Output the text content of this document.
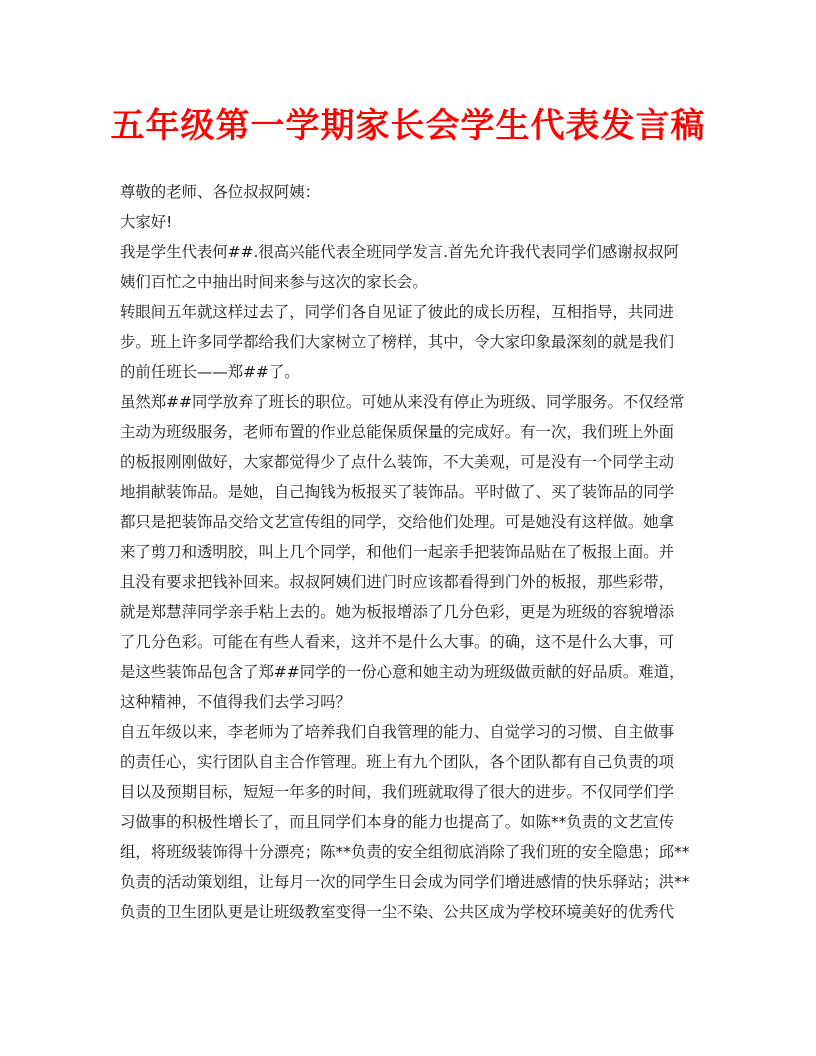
五年级第一学期家长会学生代表发言稿
尊敬的老师、各位叔叔阿姨：
大家好!
我是学生代表何##.很高兴能代表全班同学发言.首先允许我代表同学们感谢叔叔阿
姨们百忙之中抽出时间来参与这次的家长会。
转眼间五年就这样过去了，同学们各自见证了彼此的成长历程，互相指导，共同进
步。班上许多同学都给我们大家树立了榜样，其中，令大家印象最深刻的就是我们
的前任班长——郑##了。
虽然郑##同学放弃了班长的职位。可她从来没有停止为班级、同学服务。不仅经常
主动为班级服务，老师布置的作业总能保质保量的完成好。有一次，我们班上外面
的板报刚刚做好，大家都觉得少了点什么装饰，不大美观，可是没有一个同学主动
地捐献装饰品。是她，自己掏钱为板报买了装饰品。平时做了、买了装饰品的同学
都只是把装饰品交给文艺宣传组的同学，交给他们处理。可是她没有这样做。她拿
来了剪刀和透明胶，叫上几个同学，和他们一起亲手把装饰品贴在了板报上面。并
且没有要求把钱补回来。叔叔阿姨们进门时应该都看得到门外的板报，那些彩带，
就是郑慧萍同学亲手粘上去的。她为板报增添了几分色彩，更是为班级的容貌增添
了几分色彩。可能在有些人看来，这并不是什么大事。的确，这不是什么大事，可
是这些装饰品包含了郑##同学的一份心意和她主动为班级做贡献的好品质。难道，
这种精神，不值得我们去学习吗？
自五年级以来，李老师为了培养我们自我管理的能力、自觉学习的习惯、自主做事
的责任心，实行团队自主合作管理。班上有九个团队，各个团队都有自己负责的项
目以及预期目标，短短一年多的时间，我们班就取得了很大的进步。不仅同学们学
习做事的积极性增长了，而且同学们本身的能力也提高了。如陈**负责的文艺宣传
组，将班级装饰得十分漂亮；陈**负责的安全组彻底消除了我们班的安全隐患；邱**
负责的活动策划组，让每月一次的同学生日会成为同学们增进感情的快乐驿站；洪**
负责的卫生团队更是让班级教室变得一尘不染、公共区成为学校环境美好的优秀代
